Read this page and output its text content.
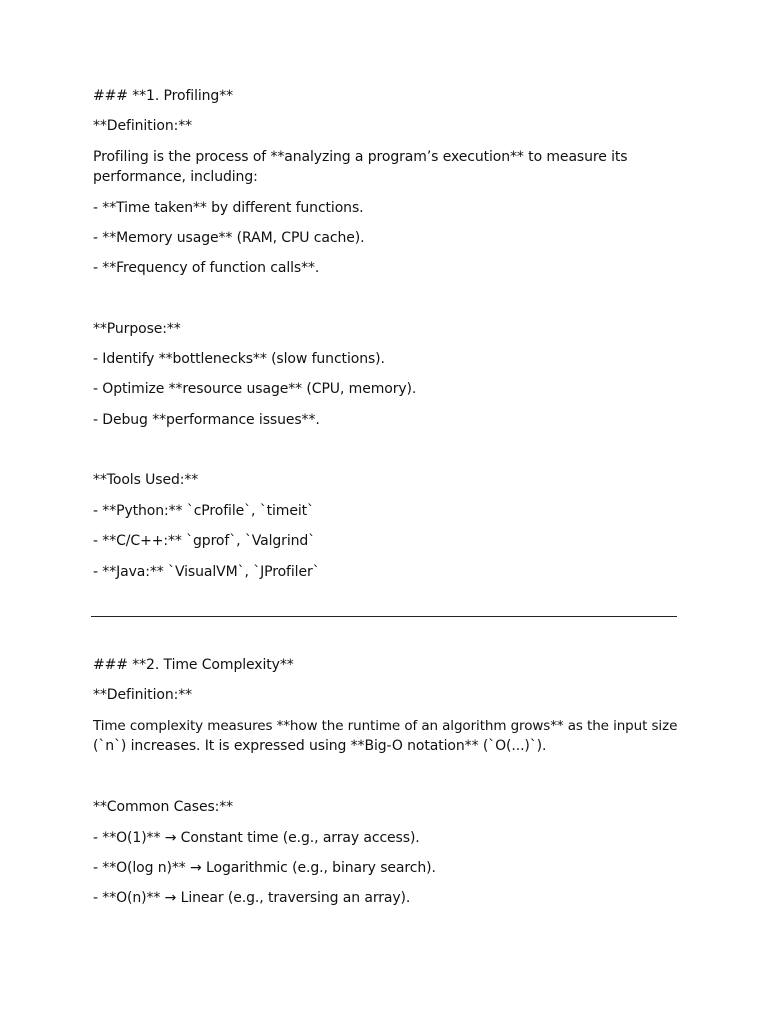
### **1. Profiling**
**Definition:**
Profiling is the process of **analyzing a program’s execution** to measure its
performance, including:
- **Time taken** by different functions.
- **Memory usage** (RAM, CPU cache).
- **Frequency of function calls**.
**Purpose:**
- Identify **bottlenecks** (slow functions).
- Optimize **resource usage** (CPU, memory).
- Debug **performance issues**.
**Tools Used:**
- **Python:** `cProfile`, `timeit`
- **C/C++:** `gprof`, `Valgrind`
- **Java:** `VisualVM`, `JProfiler`
### **2. Time Complexity**
**Definition:**
Time complexity measures **how the runtime of an algorithm grows** as the input size
(`n`) increases. It is expressed using **Big-O notation** (`O(...)`).
**Common Cases:**
- **O(1)** → Constant time (e.g., array access).
- **O(log n)** → Logarithmic (e.g., binary search).
- **O(n)** → Linear (e.g., traversing an array).
